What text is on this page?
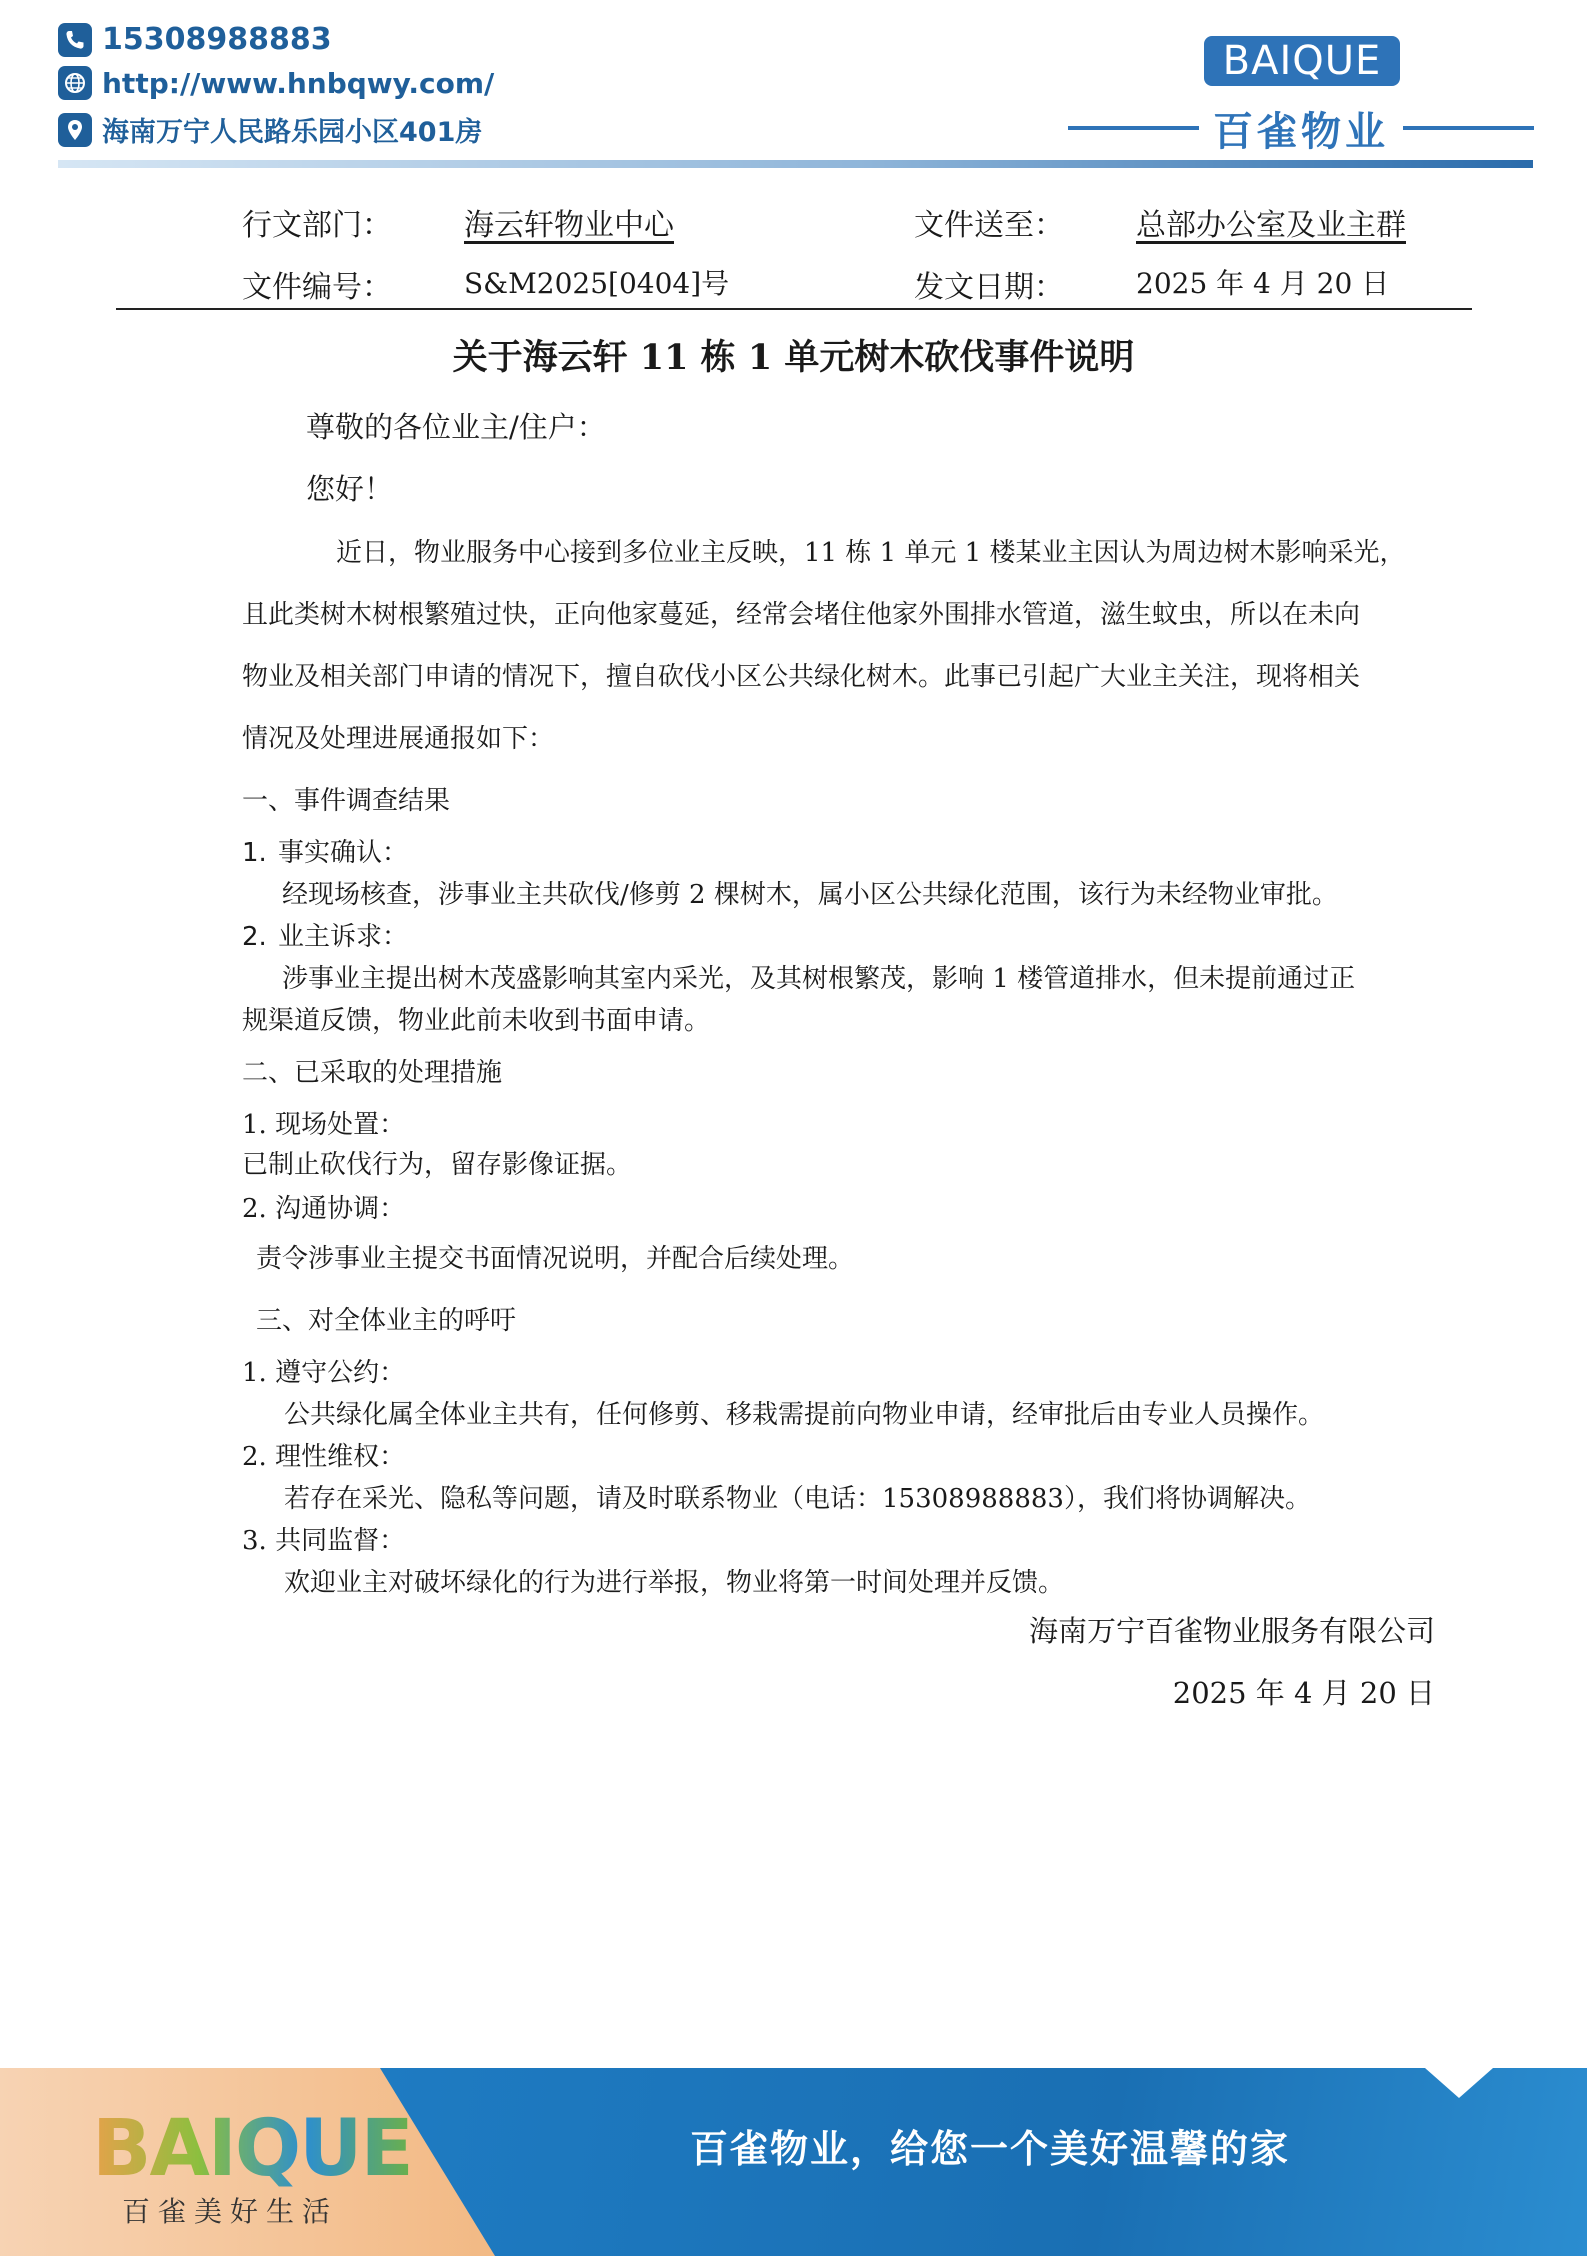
15308988883
http://www.hnbqwy.com/
海南万宁人民路乐园小区401房
BAIQUE
百雀物业
行文部门： 海云轩物业中心	文件送至： 总部办公室及业主群
文件编号：	S&M2025[0404]号	发文日期：	2025 年 4 月 20 日
关于海云轩 11 栋 1 单元树木砍伐事件说明
尊敬的各位业主/住户：
您好！
近日，物业服务中心接到多位业主反映，11 栋 1 单元 1 楼某业主因认为周边树木影响采光，
且此类树木树根繁殖过快，正向他家蔓延，经常会堵住他家外围排水管道，滋生蚊虫，所以在未向
物业及相关部门申请的情况下，擅自砍伐小区公共绿化树木。此事已引起广大业主关注，现将相关
情况及处理进展通报如下：
一、事件调查结果
1. 事实确认：
经现场核查，涉事业主共砍伐/修剪 2 棵树木，属小区公共绿化范围，该行为未经物业审批。
2. 业主诉求：
涉事业主提出树木茂盛影响其室内采光，及其树根繁茂，影响 1 楼管道排水，但未提前通过正
规渠道反馈，物业此前未收到书面申请。
二、已采取的处理措施
1. 现场处置：
已制止砍伐行为，留存影像证据。
2. 沟通协调：
责令涉事业主提交书面情况说明，并配合后续处理。
三、对全体业主的呼吁
1. 遵守公约：
公共绿化属全体业主共有，任何修剪、移栽需提前向物业申请，经审批后由专业人员操作。
2. 理性维权：
若存在采光、隐私等问题，请及时联系物业（电话：15308988883），我们将协调解决。
3. 共同监督：
欢迎业主对破坏绿化的行为进行举报，物业将第一时间处理并反馈。
海南万宁百雀物业服务有限公司
2025 年 4 月 20 日
BAIQUE
百雀美好生活
百雀物业，给您一个美好温馨的家
